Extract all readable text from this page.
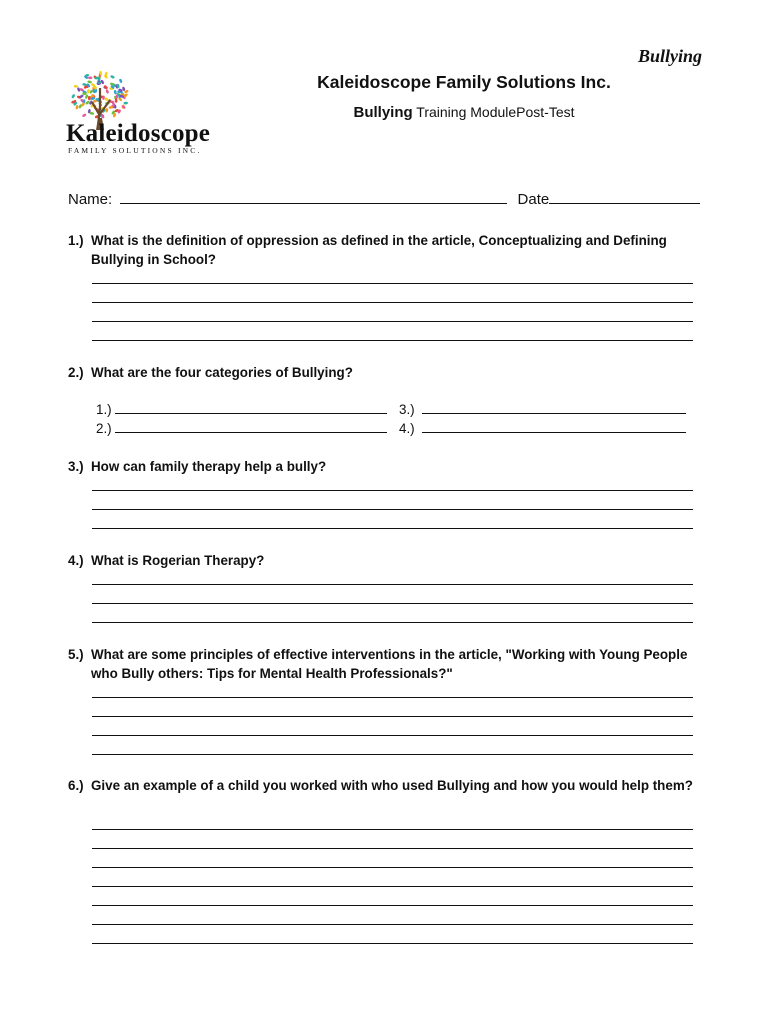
Bullying
Kaleidoscope
FAMILY SOLUTIONS INC.
Kaleidoscope Family Solutions Inc.
Bullying Training ModulePost-Test
Name:	Date
1.) What is the definition of oppression as defined in the article, Conceptualizing and Defining Bullying in School?
2.) What are the four categories of Bullying?
1.)
2.)
3.)
4.)
3.) How can family therapy help a bully?
4.) What is Rogerian Therapy?
5.) What are some principles of effective interventions in the article, "Working with Young People who Bully others: Tips for Mental Health Professionals?"
6.) Give an example of a child you worked with who used Bullying and how you would help them?
